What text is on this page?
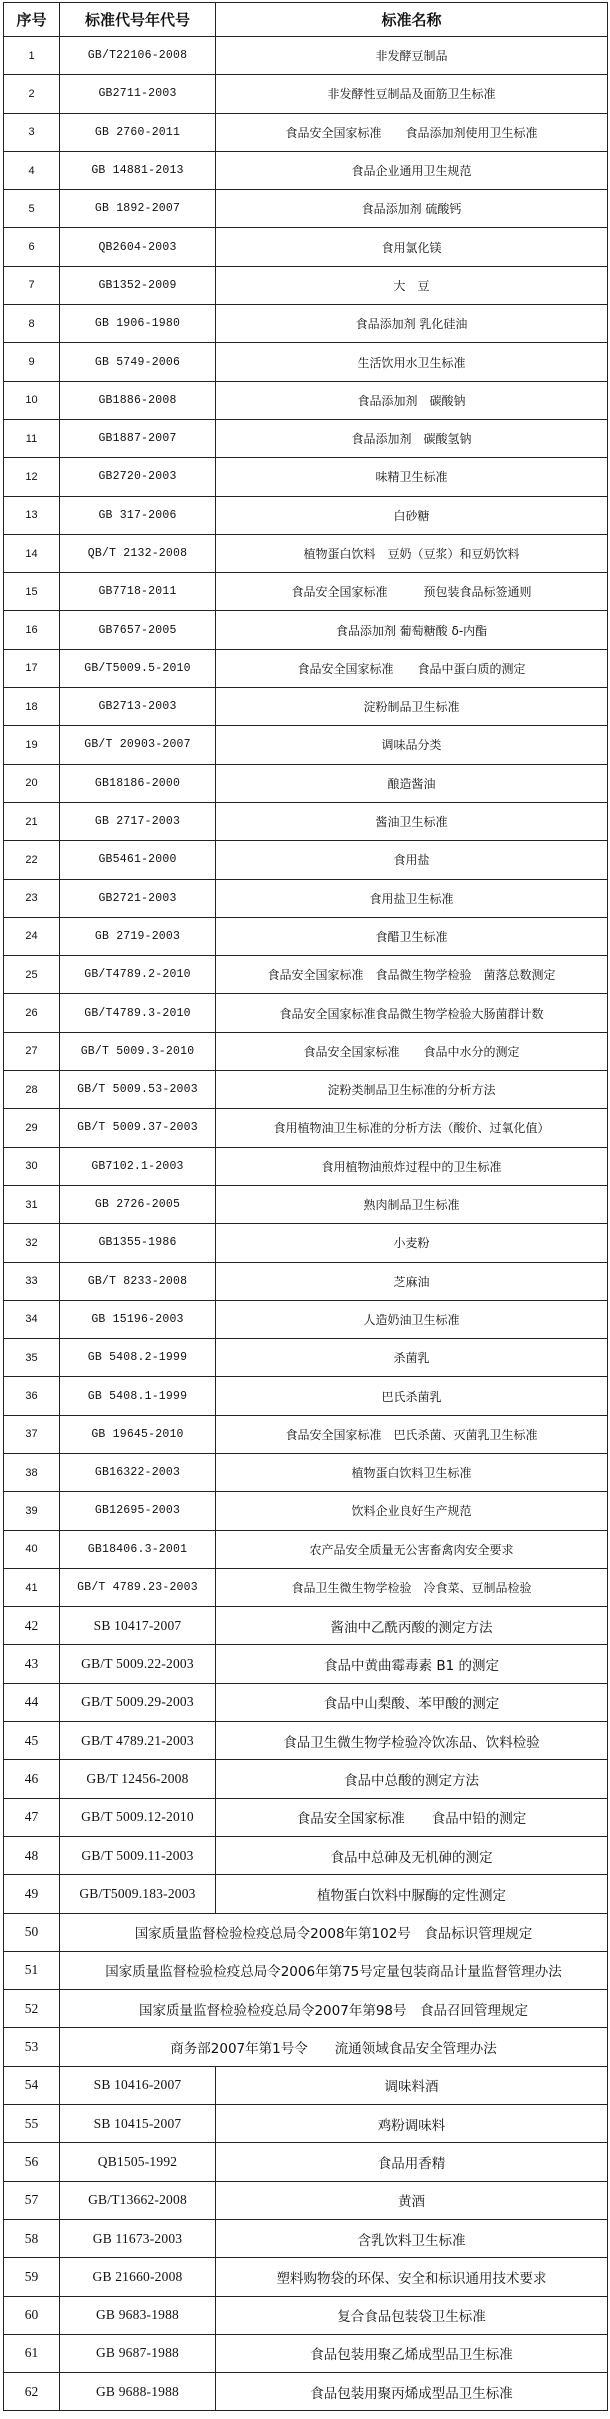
序号	标准代号年代号	标准名称
1	GB/T22106-2008	非发酵豆制品
2	GB2711-2003	非发酵性豆制品及面筋卫生标准
3	GB 2760-2011	食品安全国家标准　　食品添加剂使用卫生标准
4	GB 14881-2013	食品企业通用卫生规范
5	GB 1892-2007	食品添加剂 硫酸钙
6	QB2604-2003	食用氯化镁
7	GB1352-2009	大　豆
8	GB 1906-1980	食品添加剂 乳化硅油
9	GB 5749-2006	生活饮用水卫生标准
10	GB1886-2008	食品添加剂　碳酸钠
11	GB1887-2007	食品添加剂　碳酸氢钠
12	GB2720-2003	味精卫生标准
13	GB 317-2006	白砂糖
14	QB/T 2132-2008	植物蛋白饮料　豆奶（豆浆）和豆奶饮料
15	GB7718-2011	食品安全国家标准　　　预包装食品标签通则
16	GB7657-2005	食品添加剂 葡萄糖酸 δ-内酯
17	GB/T5009.5-2010	食品安全国家标准　　食品中蛋白质的测定
18	GB2713-2003	淀粉制品卫生标准
19	GB/T 20903-2007	调味品分类
20	GB18186-2000	酿造酱油
21	GB 2717-2003	酱油卫生标准
22	GB5461-2000	食用盐
23	GB2721-2003	食用盐卫生标准
24	GB 2719-2003	食醋卫生标准
25	GB/T4789.2-2010	食品安全国家标准　食品微生物学检验　菌落总数测定
26	GB/T4789.3-2010	食品安全国家标准食品微生物学检验大肠菌群计数
27	GB/T 5009.3-2010	食品安全国家标准　　食品中水分的测定
28	GB/T 5009.53-2003	淀粉类制品卫生标准的分析方法
29	GB/T 5009.37-2003	食用植物油卫生标准的分析方法（酸价、过氧化值）
30	GB7102.1-2003	食用植物油煎炸过程中的卫生标准
31	GB 2726-2005	熟肉制品卫生标准
32	GB1355-1986	小麦粉
33	GB/T 8233-2008	芝麻油
34	GB 15196-2003	人造奶油卫生标准
35	GB 5408.2-1999	杀菌乳
36	GB 5408.1-1999	巴氏杀菌乳
37	GB 19645-2010	食品安全国家标准　巴氏杀菌、灭菌乳卫生标准
38	GB16322-2003	植物蛋白饮料卫生标准
39	GB12695-2003	饮料企业良好生产规范
40	GB18406.3-2001	农产品安全质量无公害畜禽肉安全要求
41	GB/T 4789.23-2003	食品卫生微生物学检验　冷食菜、豆制品检验
42	SB 10417-2007	酱油中乙酰丙酸的测定方法
43	GB/T 5009.22-2003	食品中黄曲霉毒素 B1 的测定
44	GB/T 5009.29-2003	食品中山梨酸、苯甲酸的测定
45	GB/T 4789.21-2003	食品卫生微生物学检验冷饮冻品、饮料检验
46	GB/T 12456-2008	食品中总酸的测定方法
47	GB/T 5009.12-2010	食品安全国家标准　　食品中铅的测定
48	GB/T 5009.11-2003	食品中总砷及无机砷的测定
49	GB/T5009.183-2003	植物蛋白饮料中脲酶的定性测定
50	国家质量监督检验检疫总局令2008年第102号　食品标识管理规定	
51	国家质量监督检验检疫总局令2006年第75号定量包装商品计量监督管理办法	
52	国家质量监督检验检疫总局令2007年第98号　食品召回管理规定	
53	商务部2007年第1号令　　流通领域食品安全管理办法	
54	SB 10416-2007	调味料酒
55	SB 10415-2007	鸡粉调味料
56	QB1505-1992	食品用香精
57	GB/T13662-2008	黄酒
58	GB 11673-2003	含乳饮料卫生标准
59	GB 21660-2008	塑料购物袋的环保、安全和标识通用技术要求
60	GB 9683-1988	复合食品包装袋卫生标准
61	GB 9687-1988	食品包装用聚乙烯成型品卫生标准
62	GB 9688-1988	食品包装用聚丙烯成型品卫生标准
